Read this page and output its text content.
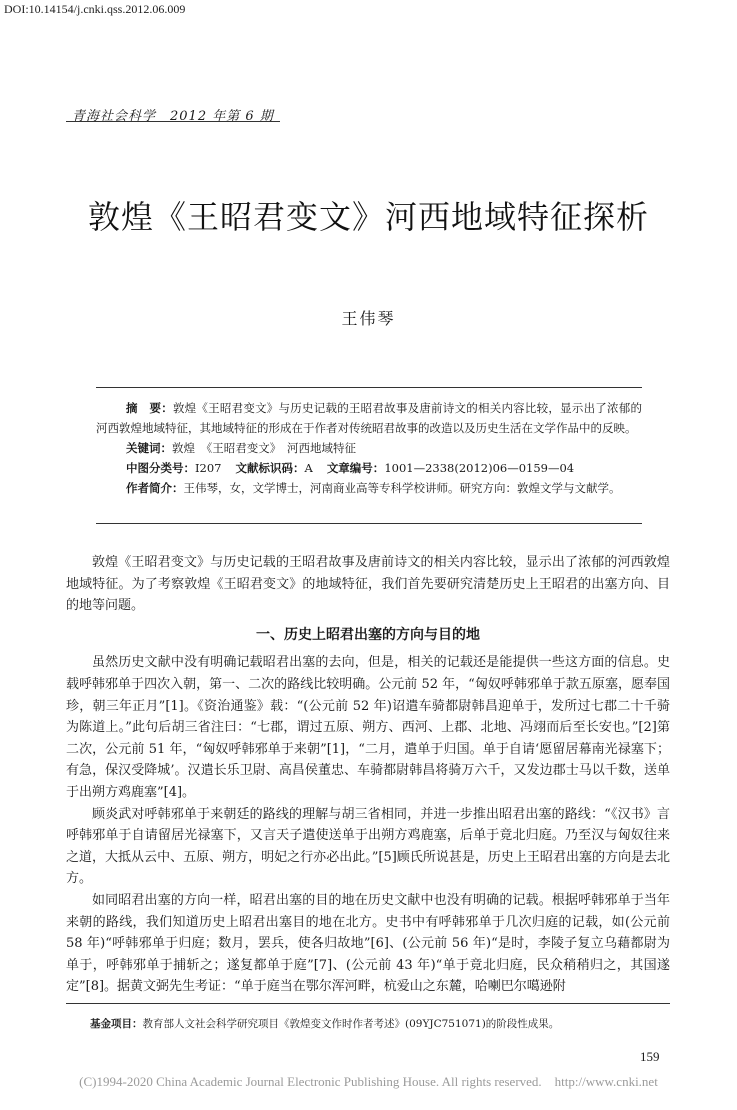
DOI:10.14154/j.cnki.qss.2012.06.009
青海社会科学　2012 年第 6 期
敦煌《王昭君变文》河西地域特征探析
王伟琴
摘　要：敦煌《王昭君变文》与历史记载的王昭君故事及唐前诗文的相关内容比较，显示出了浓郁的河西敦煌地域特征，其地域特征的形成在于作者对传统昭君故事的改造以及历史生活在文学作品中的反映。
关键词：敦煌　《王昭君变文》　河西地域特征
中图分类号：I207 文献标识码：A 文章编号：1001—2338(2012)06—0159—04
作者简介：王伟琴，女，文学博士，河南商业高等专科学校讲师。研究方向：敦煌文学与文献学。

敦煌《王昭君变文》与历史记载的王昭君故事及唐前诗文的相关内容比较，显示出了浓郁的河西敦煌地域特征。为了考察敦煌《王昭君变文》的地域特征，我们首先要研究清楚历史上王昭君的出塞方向、目的地等问题。

一、历史上昭君出塞的方向与目的地

虽然历史文献中没有明确记载昭君出塞的去向，但是，相关的记载还是能提供一些这方面的信息。史载呼韩邪单于四次入朝，第一、二次的路线比较明确。公元前 52 年，“匈奴呼韩邪单于款五原塞，愿奉国珍，朝三年正月”[1]。《资治通鉴》载：“(公元前 52 年)诏遣车骑都尉韩昌迎单于，发所过七郡二十千骑为陈道上。”此句后胡三省注曰：“七郡，谓过五原、朔方、西河、上郡、北地、冯翊而后至长安也。”[2]第二次，公元前 51 年，“匈奴呼韩邪单于来朝”[1]，“二月，遣单于归国。单于自请‘愿留居幕南光禄塞下；有急，保汉受降城’。汉遣长乐卫尉、高昌侯董忠、车骑都尉韩昌将骑万六千，又发边郡士马以千数，送单于出朔方鸡鹿塞”[4]。

顾炎武对呼韩邪单于来朝廷的路线的理解与胡三省相同，并进一步推出昭君出塞的路线：“《汉书》言呼韩邪单于自请留居光禄塞下，又言天子遣使送单于出朔方鸡鹿塞，后单于竟北归庭。乃至汉与匈奴往来之道，大抵从云中、五原、朔方，明妃之行亦必出此。”[5]顾氏所说甚是，历史上王昭君出塞的方向是去北方。

如同昭君出塞的方向一样，昭君出塞的目的地在历史文献中也没有明确的记载。根据呼韩邪单于当年来朝的路线，我们知道历史上昭君出塞目的地在北方。史书中有呼韩邪单于几次归庭的记载，如(公元前 58 年)“呼韩邪单于归庭；数月，罢兵，使各归故地”[6]、(公元前 56 年)“是时，李陵子复立乌藉都尉为单于，呼韩邪单于捕斩之；遂复都单于庭”[7]、(公元前 43 年)“单于竟北归庭，民众稍稍归之，其国遂定”[8]。据黄文弼先生考证：“单于庭当在鄂尔浑河畔，杭爱山之东麓，哈喇巴尔噶逊附

基金项目：教育部人文社会科学研究项目《敦煌变文作时作者考述》(09YJC751071)的阶段性成果。
159
(C)1994-2020 China Academic Journal Electronic Publishing House. All rights reserved.　http://www.cnki.net
